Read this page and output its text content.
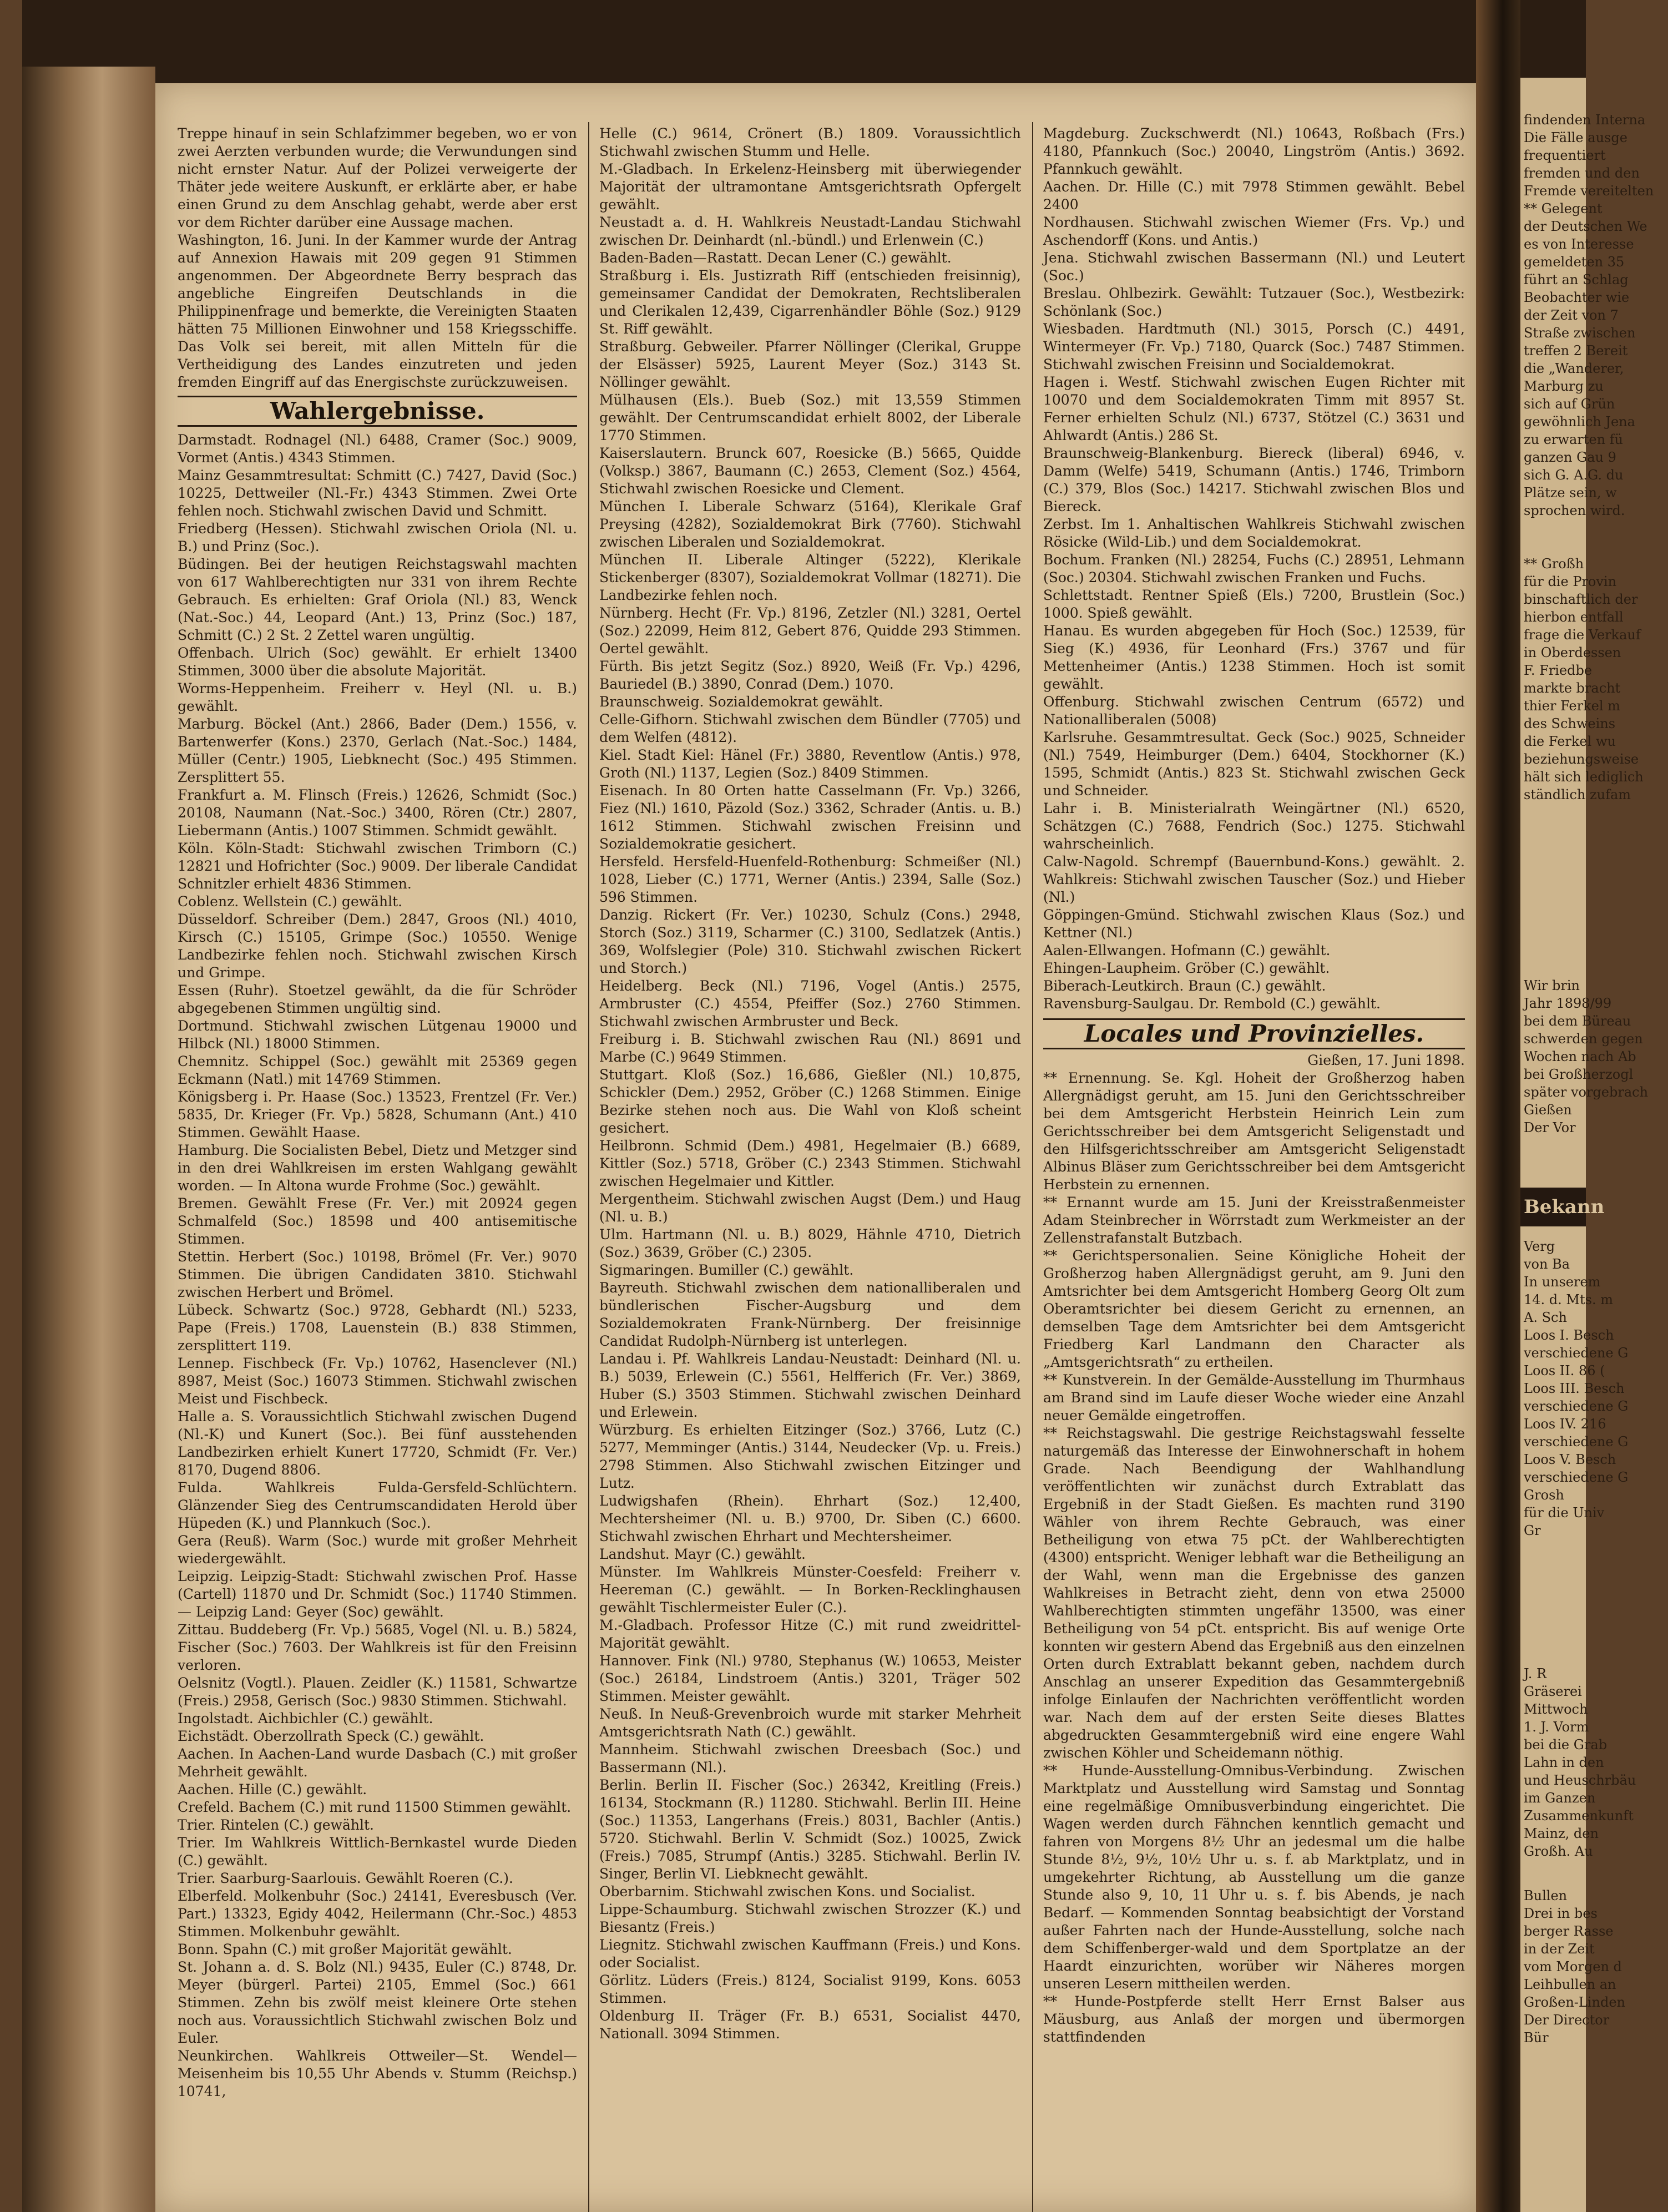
Treppe hinauf in sein Schlafzimmer begeben, wo er von zwei Aerzten verbunden wurde; die Verwundungen sind nicht ernster Natur. Auf der Polizei verweigerte der Thäter jede weitere Auskunft, er erklärte aber, er habe einen Grund zu dem Anschlag gehabt, werde aber erst vor dem Richter darüber eine Aussage machen.

Washington, 16. Juni. In der Kammer wurde der Antrag auf Annexion Hawais mit 209 gegen 91 Stimmen angenommen. Der Abgeordnete Berry besprach das angebliche Eingreifen Deutschlands in die Philippinenfrage und bemerkte, die Vereinigten Staaten hätten 75 Millionen Einwohner und 158 Kriegsschiffe. Das Volk sei bereit, mit allen Mitteln für die Vertheidigung des Landes einzutreten und jeden fremden Eingriff auf das Energischste zurückzuweisen.

Wahlergebnisse.

Darmstadt. Rodnagel (Nl.) 6488, Cramer (Soc.) 9009, Vormet (Antis.) 4343 Stimmen.
Mainz Gesammtresultat: Schmitt (C.) 7427, David (Soc.) 10225, Dettweiler (Nl.-Fr.) 4343 Stimmen. Zwei Orte fehlen noch. Stichwahl zwischen David und Schmitt.
Friedberg (Hessen). Stichwahl zwischen Oriola (Nl. u. B.) und Prinz (Soc.).
Büdingen. Bei der heutigen Reichstagswahl machten von 617 Wahlberechtigten nur 331 von ihrem Rechte Gebrauch. Es erhielten: Graf Oriola (Nl.) 83, Wenck (Nat.-Soc.) 44, Leopard (Ant.) 13, Prinz (Soc.) 187, Schmitt (C.) 2 St. 2 Zettel waren ungültig.
Offenbach. Ulrich (Soc) gewählt. Er erhielt 13400 Stimmen, 3000 über die absolute Majorität.
Worms-Heppenheim. Freiherr v. Heyl (Nl. u. B.) gewählt.
Marburg. Böckel (Ant.) 2866, Bader (Dem.) 1556, v. Bartenwerfer (Kons.) 2370, Gerlach (Nat.-Soc.) 1484, Müller (Centr.) 1905, Liebknecht (Soc.) 495 Stimmen. Zersplittert 55.
Frankfurt a. M. Flinsch (Freis.) 12626, Schmidt (Soc.) 20108, Naumann (Nat.-Soc.) 3400, Rören (Ctr.) 2807, Liebermann (Antis.) 1007 Stimmen. Schmidt gewählt.
Köln. Köln-Stadt: Stichwahl zwischen Trimborn (C.) 12821 und Hofrichter (Soc.) 9009. Der liberale Candidat Schnitzler erhielt 4836 Stimmen.
Coblenz. Wellstein (C.) gewählt.
Düsseldorf. Schreiber (Dem.) 2847, Groos (Nl.) 4010, Kirsch (C.) 15105, Grimpe (Soc.) 10550. Wenige Landbezirke fehlen noch. Stichwahl zwischen Kirsch und Grimpe.
Essen (Ruhr). Stoetzel gewählt, da die für Schröder abgegebenen Stimmen ungültig sind.
Dortmund. Stichwahl zwischen Lütgenau 19000 und Hilbck (Nl.) 18000 Stimmen.
Chemnitz. Schippel (Soc.) gewählt mit 25369 gegen Eckmann (Natl.) mit 14769 Stimmen.
Königsberg i. Pr. Haase (Soc.) 13523, Frentzel (Fr. Ver.) 5835, Dr. Krieger (Fr. Vp.) 5828, Schumann (Ant.) 410 Stimmen. Gewählt Haase.
Hamburg. Die Socialisten Bebel, Dietz und Metzger sind in den drei Wahlkreisen im ersten Wahlgang gewählt worden. — In Altona wurde Frohme (Soc.) gewählt.
Bremen. Gewählt Frese (Fr. Ver.) mit 20924 gegen Schmalfeld (Soc.) 18598 und 400 antisemitische Stimmen.
Stettin. Herbert (Soc.) 10198, Brömel (Fr. Ver.) 9070 Stimmen. Die übrigen Candidaten 3810. Stichwahl zwischen Herbert und Brömel.
Lübeck. Schwartz (Soc.) 9728, Gebhardt (Nl.) 5233, Pape (Freis.) 1708, Lauenstein (B.) 838 Stimmen, zersplittert 119.
Lennep. Fischbeck (Fr. Vp.) 10762, Hasenclever (Nl.) 8987, Meist (Soc.) 16073 Stimmen. Stichwahl zwischen Meist und Fischbeck.
Halle a. S. Voraussichtlich Stichwahl zwischen Dugend (Nl.-K) und Kunert (Soc.). Bei fünf ausstehenden Landbezirken erhielt Kunert 17720, Schmidt (Fr. Ver.) 8170, Dugend 8806.
Fulda. Wahlkreis Fulda-Gersfeld-Schlüchtern. Glänzender Sieg des Centrumscandidaten Herold über Hüpeden (K.) und Plannkuch (Soc.).
Gera (Reuß). Warm (Soc.) wurde mit großer Mehrheit wiedergewählt.
Leipzig. Leipzig-Stadt: Stichwahl zwischen Prof. Hasse (Cartell) 11870 und Dr. Schmidt (Soc.) 11740 Stimmen. — Leipzig Land: Geyer (Soc) gewählt.
Zittau. Buddeberg (Fr. Vp.) 5685, Vogel (Nl. u. B.) 5824, Fischer (Soc.) 7603. Der Wahlkreis ist für den Freisinn verloren.
Oelsnitz (Vogtl.). Plauen. Zeidler (K.) 11581, Schwartze (Freis.) 2958, Gerisch (Soc.) 9830 Stimmen. Stichwahl.
Ingolstadt. Aichbichler (C.) gewählt.
Eichstädt. Oberzollrath Speck (C.) gewählt.
Aachen. In Aachen-Land wurde Dasbach (C.) mit großer Mehrheit gewählt.
Aachen. Hille (C.) gewählt.
Crefeld. Bachem (C.) mit rund 11500 Stimmen gewählt.
Trier. Rintelen (C.) gewählt.
Trier. Im Wahlkreis Wittlich-Bernkastel wurde Dieden (C.) gewählt.
Trier. Saarburg-Saarlouis. Gewählt Roeren (C.).
Elberfeld. Molkenbuhr (Soc.) 24141, Everesbusch (Ver. Part.) 13323, Egidy 4042, Heilermann (Chr.-Soc.) 4853 Stimmen. Molkenbuhr gewählt.
Bonn. Spahn (C.) mit großer Majorität gewählt.
St. Johann a. d. S. Bolz (Nl.) 9435, Euler (C.) 8748, Dr. Meyer (bürgerl. Partei) 2105, Emmel (Soc.) 661 Stimmen. Zehn bis zwölf meist kleinere Orte stehen noch aus. Voraussichtlich Stichwahl zwischen Bolz und Euler.
Neunkirchen. Wahlkreis Ottweiler—St. Wendel—Meisenheim bis 10,55 Uhr Abends v. Stumm (Reichsp.) 10741,

Helle (C.) 9614, Crönert (B.) 1809. Voraussichtlich Stichwahl zwischen Stumm und Helle.
M.-Gladbach. In Erkelenz-Heinsberg mit überwiegender Majorität der ultramontane Amtsgerichtsrath Opfergelt gewählt.
Neustadt a. d. H. Wahlkreis Neustadt-Landau Stichwahl zwischen Dr. Deinhardt (nl.-bündl.) und Erlenwein (C.)
Baden-Baden—Rastatt. Decan Lener (C.) gewählt.
Straßburg i. Els. Justizrath Riff (entschieden freisinnig), gemeinsamer Candidat der Demokraten, Rechtsliberalen und Clerikalen 12,439, Cigarrenhändler Böhle (Soz.) 9129 St. Riff gewählt.
Straßburg. Gebweiler. Pfarrer Nöllinger (Clerikal, Gruppe der Elsässer) 5925, Laurent Meyer (Soz.) 3143 St. Nöllinger gewählt.
Mülhausen (Els.). Bueb (Soz.) mit 13,559 Stimmen gewählt. Der Centrumscandidat erhielt 8002, der Liberale 1770 Stimmen.
Kaiserslautern. Brunck 607, Roesicke (B.) 5665, Quidde (Volksp.) 3867, Baumann (C.) 2653, Clement (Soz.) 4564, Stichwahl zwischen Roesicke und Clement.
München I. Liberale Schwarz (5164), Klerikale Graf Preysing (4282), Sozialdemokrat Birk (7760). Stichwahl zwischen Liberalen und Sozialdemokrat.
München II. Liberale Altinger (5222), Klerikale Stickenberger (8307), Sozialdemokrat Vollmar (18271). Die Landbezirke fehlen noch.
Nürnberg. Hecht (Fr. Vp.) 8196, Zetzler (Nl.) 3281, Oertel (Soz.) 22099, Heim 812, Gebert 876, Quidde 293 Stimmen. Oertel gewählt.
Fürth. Bis jetzt Segitz (Soz.) 8920, Weiß (Fr. Vp.) 4296, Bauriedel (B.) 3890, Conrad (Dem.) 1070.
Braunschweig. Sozialdemokrat gewählt.
Celle-Gifhorn. Stichwahl zwischen dem Bündler (7705) und dem Welfen (4812).
Kiel. Stadt Kiel: Hänel (Fr.) 3880, Reventlow (Antis.) 978, Groth (Nl.) 1137, Legien (Soz.) 8409 Stimmen.
Eisenach. In 80 Orten hatte Casselmann (Fr. Vp.) 3266, Fiez (Nl.) 1610, Päzold (Soz.) 3362, Schrader (Antis. u. B.) 1612 Stimmen. Stichwahl zwischen Freisinn und Sozialdemokratie gesichert.
Hersfeld. Hersfeld-Huenfeld-Rothenburg: Schmeißer (Nl.) 1028, Lieber (C.) 1771, Werner (Antis.) 2394, Salle (Soz.) 596 Stimmen.
Danzig. Rickert (Fr. Ver.) 10230, Schulz (Cons.) 2948, Storch (Soz.) 3119, Scharmer (C.) 3100, Sedlatzek (Antis.) 369, Wolfslegier (Pole) 310. Stichwahl zwischen Rickert und Storch.)
Heidelberg. Beck (Nl.) 7196, Vogel (Antis.) 2575, Armbruster (C.) 4554, Pfeiffer (Soz.) 2760 Stimmen. Stichwahl zwischen Armbruster und Beck.
Freiburg i. B. Stichwahl zwischen Rau (Nl.) 8691 und Marbe (C.) 9649 Stimmen.
Stuttgart. Kloß (Soz.) 16,686, Gießler (Nl.) 10,875, Schickler (Dem.) 2952, Gröber (C.) 1268 Stimmen. Einige Bezirke stehen noch aus. Die Wahl von Kloß scheint gesichert.
Heilbronn. Schmid (Dem.) 4981, Hegelmaier (B.) 6689, Kittler (Soz.) 5718, Gröber (C.) 2343 Stimmen. Stichwahl zwischen Hegelmaier und Kittler.
Mergentheim. Stichwahl zwischen Augst (Dem.) und Haug (Nl. u. B.)
Ulm. Hartmann (Nl. u. B.) 8029, Hähnle 4710, Dietrich (Soz.) 3639, Gröber (C.) 2305.
Sigmaringen. Bumiller (C.) gewählt.
Bayreuth. Stichwahl zwischen dem nationalliberalen und bündlerischen Fischer-Augsburg und dem Sozialdemokraten Frank-Nürnberg. Der freisinnige Candidat Rudolph-Nürnberg ist unterlegen.
Landau i. Pf. Wahlkreis Landau-Neustadt: Deinhard (Nl. u. B.) 5039, Erlewein (C.) 5561, Helfferich (Fr. Ver.) 3869, Huber (S.) 3503 Stimmen. Stichwahl zwischen Deinhard und Erlewein.
Würzburg. Es erhielten Eitzinger (Soz.) 3766, Lutz (C.) 5277, Memminger (Antis.) 3144, Neudecker (Vp. u. Freis.) 2798 Stimmen. Also Stichwahl zwischen Eitzinger und Lutz.
Ludwigshafen (Rhein). Ehrhart (Soz.) 12,400, Mechtersheimer (Nl. u. B.) 9700, Dr. Siben (C.) 6600. Stichwahl zwischen Ehrhart und Mechtersheimer.
Landshut. Mayr (C.) gewählt.
Münster. Im Wahlkreis Münster-Coesfeld: Freiherr v. Heereman (C.) gewählt. — In Borken-Recklinghausen gewählt Tischlermeister Euler (C.).
M.-Gladbach. Professor Hitze (C.) mit rund zweidrittel-Majorität gewählt.
Hannover. Fink (Nl.) 9780, Stephanus (W.) 10653, Meister (Soc.) 26184, Lindstroem (Antis.) 3201, Träger 502 Stimmen. Meister gewählt.
Neuß. In Neuß-Grevenbroich wurde mit starker Mehrheit Amtsgerichtsrath Nath (C.) gewählt.
Mannheim. Stichwahl zwischen Dreesbach (Soc.) und Bassermann (Nl.).
Berlin. Berlin II. Fischer (Soc.) 26342, Kreitling (Freis.) 16134, Stockmann (R.) 11280. Stichwahl. Berlin III. Heine (Soc.) 11353, Langerhans (Freis.) 8031, Bachler (Antis.) 5720. Stichwahl. Berlin V. Schmidt (Soz.) 10025, Zwick (Freis.) 7085, Strumpf (Antis.) 3285. Stichwahl. Berlin IV. Singer, Berlin VI. Liebknecht gewählt.
Oberbarnim. Stichwahl zwischen Kons. und Socialist.
Lippe-Schaumburg. Stichwahl zwischen Strozzer (K.) und Biesantz (Freis.)
Liegnitz. Stichwahl zwischen Kauffmann (Freis.) und Kons. oder Socialist.
Görlitz. Lüders (Freis.) 8124, Socialist 9199, Kons. 6053 Stimmen.
Oldenburg II. Träger (Fr. B.) 6531, Socialist 4470, Nationall. 3094 Stimmen.

Magdeburg. Zuckschwerdt (Nl.) 10643, Roßbach (Frs.) 4180, Pfannkuch (Soc.) 20040, Lingström (Antis.) 3692. Pfannkuch gewählt.
Aachen. Dr. Hille (C.) mit 7978 Stimmen gewählt. Bebel 2400
Nordhausen. Stichwahl zwischen Wiemer (Frs. Vp.) und Aschendorff (Kons. und Antis.)
Jena. Stichwahl zwischen Bassermann (Nl.) und Leutert (Soc.)
Breslau. Ohlbezirk. Gewählt: Tutzauer (Soc.), Westbezirk: Schönlank (Soc.)
Wiesbaden. Hardtmuth (Nl.) 3015, Porsch (C.) 4491, Wintermeyer (Fr. Vp.) 7180, Quarck (Soc.) 7487 Stimmen. Stichwahl zwischen Freisinn und Socialdemokrat.
Hagen i. Westf. Stichwahl zwischen Eugen Richter mit 10070 und dem Socialdemokraten Timm mit 8957 St. Ferner erhielten Schulz (Nl.) 6737, Stötzel (C.) 3631 und Ahlwardt (Antis.) 286 St.
Braunschweig-Blankenburg. Biereck (liberal) 6946, v. Damm (Welfe) 5419, Schumann (Antis.) 1746, Trimborn (C.) 379, Blos (Soc.) 14217. Stichwahl zwischen Blos und Biereck.
Zerbst. Im 1. Anhaltischen Wahlkreis Stichwahl zwischen Rösicke (Wild-Lib.) und dem Socialdemokrat.
Bochum. Franken (Nl.) 28254, Fuchs (C.) 28951, Lehmann (Soc.) 20304. Stichwahl zwischen Franken und Fuchs.
Schlettstadt. Rentner Spieß (Els.) 7200, Brustlein (Soc.) 1000. Spieß gewählt.
Hanau. Es wurden abgegeben für Hoch (Soc.) 12539, für Sieg (K.) 4936, für Leonhard (Frs.) 3767 und für Mettenheimer (Antis.) 1238 Stimmen. Hoch ist somit gewählt.
Offenburg. Stichwahl zwischen Centrum (6572) und Nationalliberalen (5008)
Karlsruhe. Gesammtresultat. Geck (Soc.) 9025, Schneider (Nl.) 7549, Heimburger (Dem.) 6404, Stockhorner (K.) 1595, Schmidt (Antis.) 823 St. Stichwahl zwischen Geck und Schneider.
Lahr i. B. Ministerialrath Weingärtner (Nl.) 6520, Schätzgen (C.) 7688, Fendrich (Soc.) 1275. Stichwahl wahrscheinlich.
Calw-Nagold. Schrempf (Bauernbund-Kons.) gewählt. 2. Wahlkreis: Stichwahl zwischen Tauscher (Soz.) und Hieber (Nl.)
Göppingen-Gmünd. Stichwahl zwischen Klaus (Soz.) und Kettner (Nl.)
Aalen-Ellwangen. Hofmann (C.) gewählt.
Ehingen-Laupheim. Gröber (C.) gewählt.
Biberach-Leutkirch. Braun (C.) gewählt.
Ravensburg-Saulgau. Dr. Rembold (C.) gewählt.

Locales und Provinzielles.

Gießen, 17. Juni 1898.

** Ernennung. Se. Kgl. Hoheit der Großherzog haben Allergnädigst geruht, am 15. Juni den Gerichtsschreiber bei dem Amtsgericht Herbstein Heinrich Lein zum Gerichtsschreiber bei dem Amtsgericht Seligenstadt und den Hilfsgerichtsschreiber am Amtsgericht Seligenstadt Albinus Bläser zum Gerichtsschreiber bei dem Amtsgericht Herbstein zu ernennen.
** Ernannt wurde am 15. Juni der Kreisstraßenmeister Adam Steinbrecher in Wörrstadt zum Werkmeister an der Zellenstrafanstalt Butzbach.
** Gerichtspersonalien. Seine Königliche Hoheit der Großherzog haben Allergnädigst geruht, am 9. Juni den Amtsrichter bei dem Amtsgericht Homberg Georg Olt zum Oberamtsrichter bei diesem Gericht zu ernennen, an demselben Tage dem Amtsrichter bei dem Amtsgericht Friedberg Karl Landmann den Character als „Amtsgerichtsrath“ zu ertheilen.
** Kunstverein. In der Gemälde-Ausstellung im Thurmhaus am Brand sind im Laufe dieser Woche wieder eine Anzahl neuer Gemälde eingetroffen.
** Reichstagswahl. Die gestrige Reichstagswahl fesselte naturgemäß das Interesse der Einwohnerschaft in hohem Grade. Nach Beendigung der Wahlhandlung veröffentlichten wir zunächst durch Extrablatt das Ergebniß in der Stadt Gießen. Es machten rund 3190 Wähler von ihrem Rechte Gebrauch, was einer Betheiligung von etwa 75 pCt. der Wahlberechtigten (4300) entspricht. Weniger lebhaft war die Betheiligung an der Wahl, wenn man die Ergebnisse des ganzen Wahlkreises in Betracht zieht, denn von etwa 25000 Wahlberechtigten stimmten ungefähr 13500, was einer Betheiligung von 54 pCt. entspricht. Bis auf wenige Orte konnten wir gestern Abend das Ergebniß aus den einzelnen Orten durch Extrablatt bekannt geben, nachdem durch Anschlag an unserer Expedition das Gesammtergebniß infolge Einlaufen der Nachrichten veröffentlicht worden war. Nach dem auf der ersten Seite dieses Blattes abgedruckten Gesammtergebniß wird eine engere Wahl zwischen Köhler und Scheidemann nöthig.
** Hunde-Ausstellung-Omnibus-Verbindung. Zwischen Marktplatz und Ausstellung wird Samstag und Sonntag eine regelmäßige Omnibusverbindung eingerichtet. Die Wagen werden durch Fähnchen kenntlich gemacht und fahren von Morgens 8½ Uhr an jedesmal um die halbe Stunde 8½, 9½, 10½ Uhr u. s. f. ab Marktplatz, und in umgekehrter Richtung, ab Ausstellung um die ganze Stunde also 9, 10, 11 Uhr u. s. f. bis Abends, je nach Bedarf. — Kommenden Sonntag beabsichtigt der Vorstand außer Fahrten nach der Hunde-Ausstellung, solche nach dem Schiffenberger-wald und dem Sportplatze an der Haardt einzurichten, worüber wir Näheres morgen unseren Lesern mittheilen werden.
** Hunde-Postpferde stellt Herr Ernst Balser aus Mäusburg, aus Anlaß der morgen und übermorgen stattfindenden

findenden Interna
Die Fälle ausge
frequentiert
fremden und den
Fremde vereitelten
** Gelegent
der Deutschen We
es von Interesse
gemeldeten 35
führt an Schlag
Beobachter wie
der Zeit von 7
Straße zwischen
treffen 2 Bereit
die „Wanderer,
Marburg zu
sich auf Grün
gewöhnlich Jena
zu erwarten fü
ganzen Gau 9
sich G. A.G. du
Plätze sein, w
sprochen wird.
** Großh
für die Provin
binschaftlich der
hierbon entfall
frage die Verkauf
in Oberdessen
F. Friedbe
markte bracht
thier Ferkel m
des Schweins
die Ferkel wu
beziehungsweise
hält sich lediglich
ständlich zufam
Wir brin
Jahr 1898/99
bei dem Büreau
schwerden gegen
Wochen nach Ab
bei Großherzogl
später vorgebrach
Gießen
Der Vor
Bekann
Verg
von Ba
In unserem
14. d. Mts. m
A. Sch
Loos I. Besch
verschiedene G
Loos II. 86 (
Loos III. Besch
verschiedene G
Loos IV. 216
verschiedene G
Loos V. Besch
verschiedene G
Grosh
für die Univ
Gr
J. R
Gräserei
Mittwoch
1. J. Vorm
bei die Grab
Lahn in den
und Heuschrbäu
im Ganzen
Zusammenkunft
Mainz, den
Großh. Au
Bullen
Drei in bes
berger Rasse
in der Zeit
vom Morgen d
Leihbullen an
Großen-Linden
Der Director
Bür
